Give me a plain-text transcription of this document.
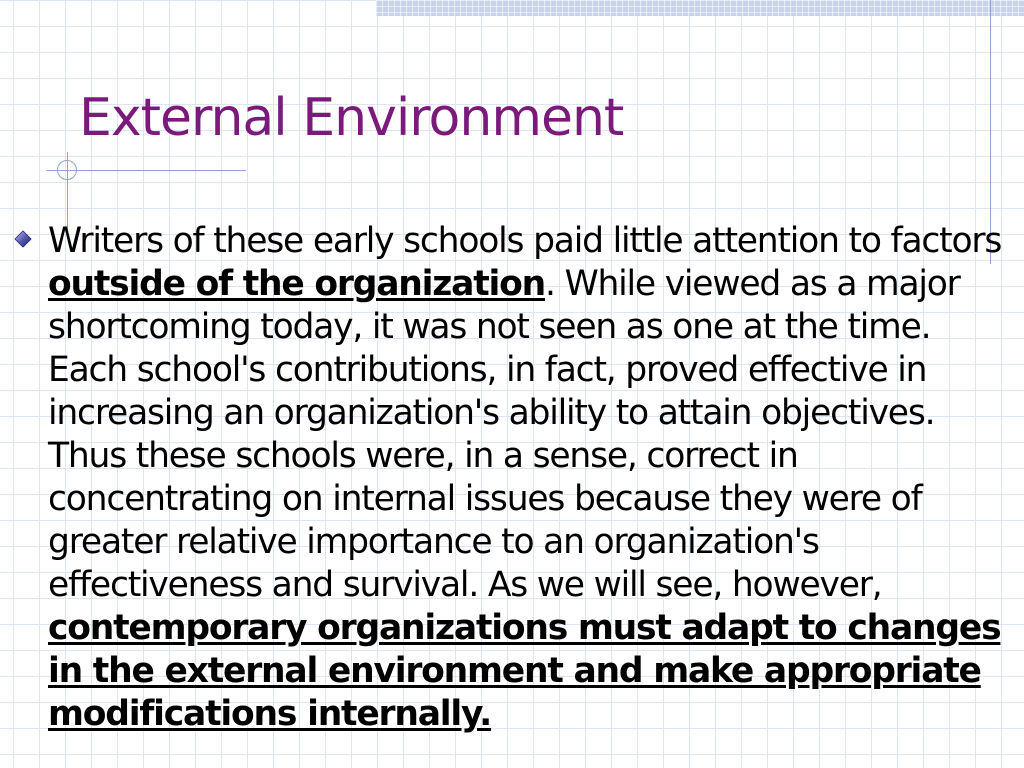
External Environment

Writers of these early schools paid little attention to factors outside of the organization. While viewed as a major shortcoming today, it was not seen as one at the time. Each school's contributions, in fact, proved effective in increasing an organization's ability to attain objectives. Thus these schools were, in a sense, correct in concentrating on internal issues because they were of greater relative importance to an organization's effectiveness and survival. As we will see, however, contemporary organizations must adapt to changes in the external environment and make appropriate modifications internally.
